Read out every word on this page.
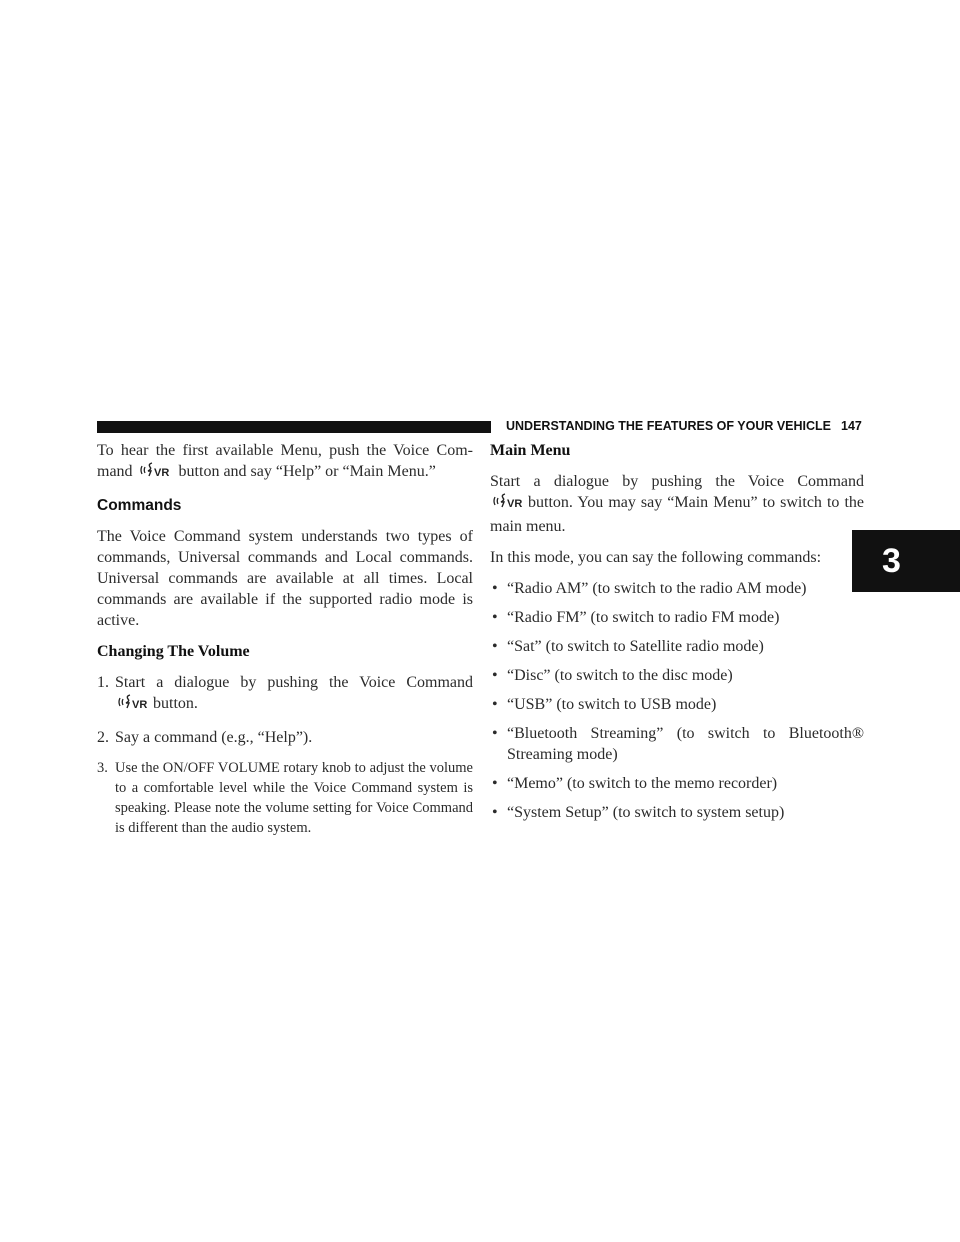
UNDERSTANDING THE FEATURES OF YOUR VEHICLE 147
3

To hear the first available Menu, push the Voice Com-
mand VR button and say “Help” or “Main Menu.”

Commands

The Voice Command system understands two types of commands, Universal commands and Local commands. Universal commands are available at all times. Local commands are available if the supported radio mode is active.

Changing The Volume
1. Start a dialogue by pushing the Voice Command
VR button.
2. Say a command (e.g., “Help”).
3. Use the ON/OFF VOLUME rotary knob to adjust the volume to a comfortable level while the Voice Command system is speaking. Please note the volume setting for Voice Command is different than the audio system.
Main Menu

Start a dialogue by pushing the Voice Command
VR button. You may say “Main Menu” to switch to the main menu.

In this mode, you can say the following commands:

• “Radio AM” (to switch to the radio AM mode)
• “Radio FM” (to switch to radio FM mode)
• “Sat” (to switch to Satellite radio mode)
• “Disc” (to switch to the disc mode)
• “USB” (to switch to USB mode)
• “Bluetooth Streaming” (to switch to Bluetooth® Streaming mode)
• “Memo” (to switch to the memo recorder)
• “System Setup” (to switch to system setup)
